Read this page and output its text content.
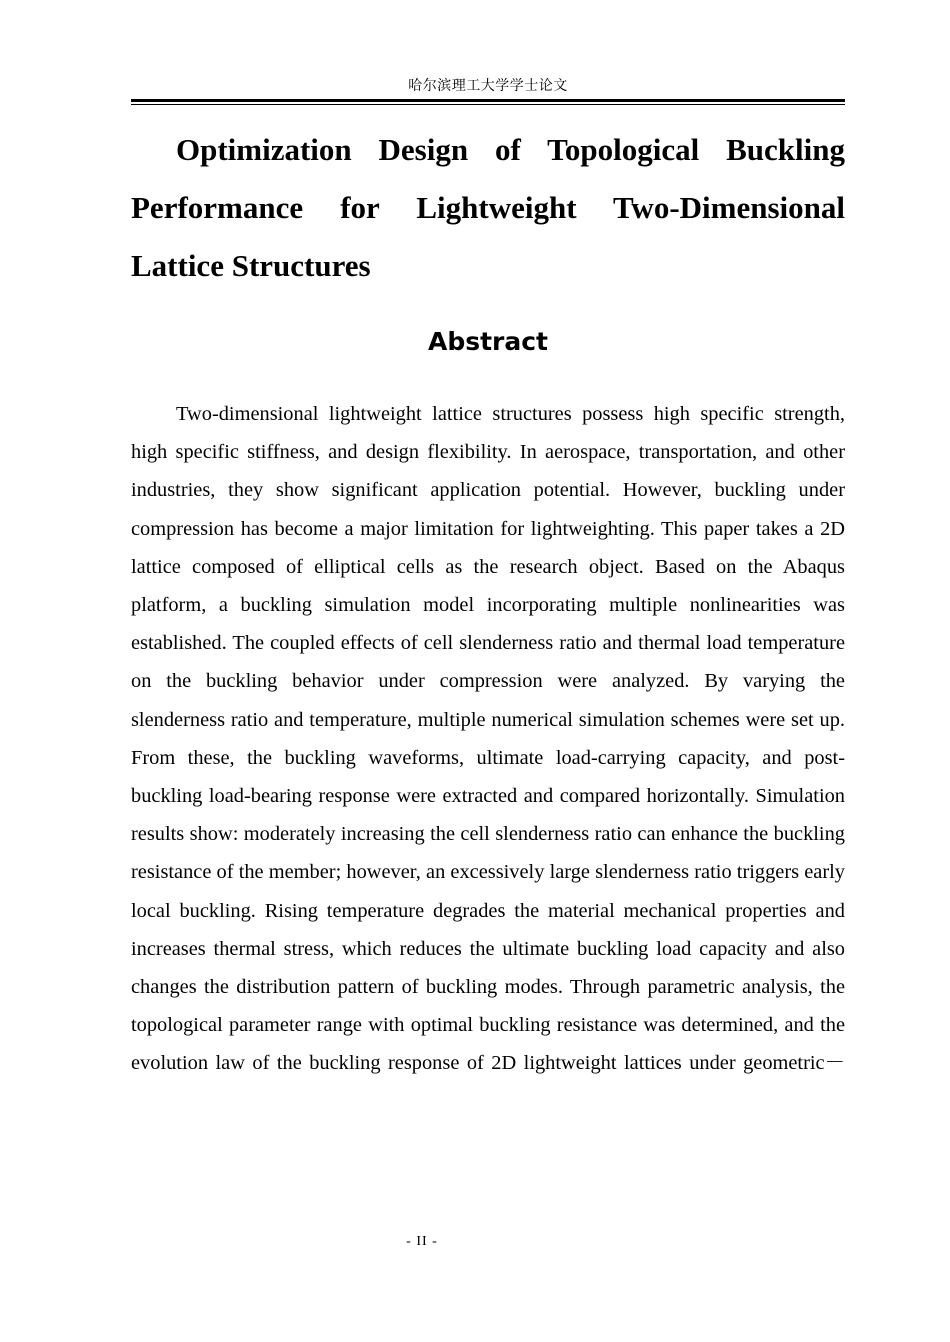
哈尔滨理工大学学士论文
Optimization Design of Topological Buckling Performance for Lightweight Two-Dimensional Lattice Structures
Abstract

Two-dimensional lightweight lattice structures possess high specific strength, high specific stiffness, and design flexibility. In aerospace, transportation, and other industries, they show significant application potential. However, buckling under compression has become a major limitation for lightweighting. This paper takes a 2D lattice composed of elliptical cells as the research object. Based on the Abaqus platform, a buckling simulation model incorporating multiple nonlinearities was established. The coupled effects of cell slenderness ratio and thermal load temperature on the buckling behavior under compression were analyzed. By varying the slenderness ratio and temperature, multiple numerical simulation schemes were set up. From these, the buckling waveforms, ultimate load-carrying capacity, and post-buckling load-bearing response were extracted and compared horizontally. Simulation results show: moderately increasing the cell slenderness ratio can enhance the buckling resistance of the member; however, an excessively large slenderness ratio triggers early local buckling. Rising temperature degrades the material mechanical properties and increases thermal stress, which reduces the ultimate buckling load capacity and also changes the distribution pattern of buckling modes. Through parametric analysis, the topological parameter range with optimal buckling resistance was determined, and the evolution law of the buckling response of 2D lightweight lattices under geometric－

- II -
